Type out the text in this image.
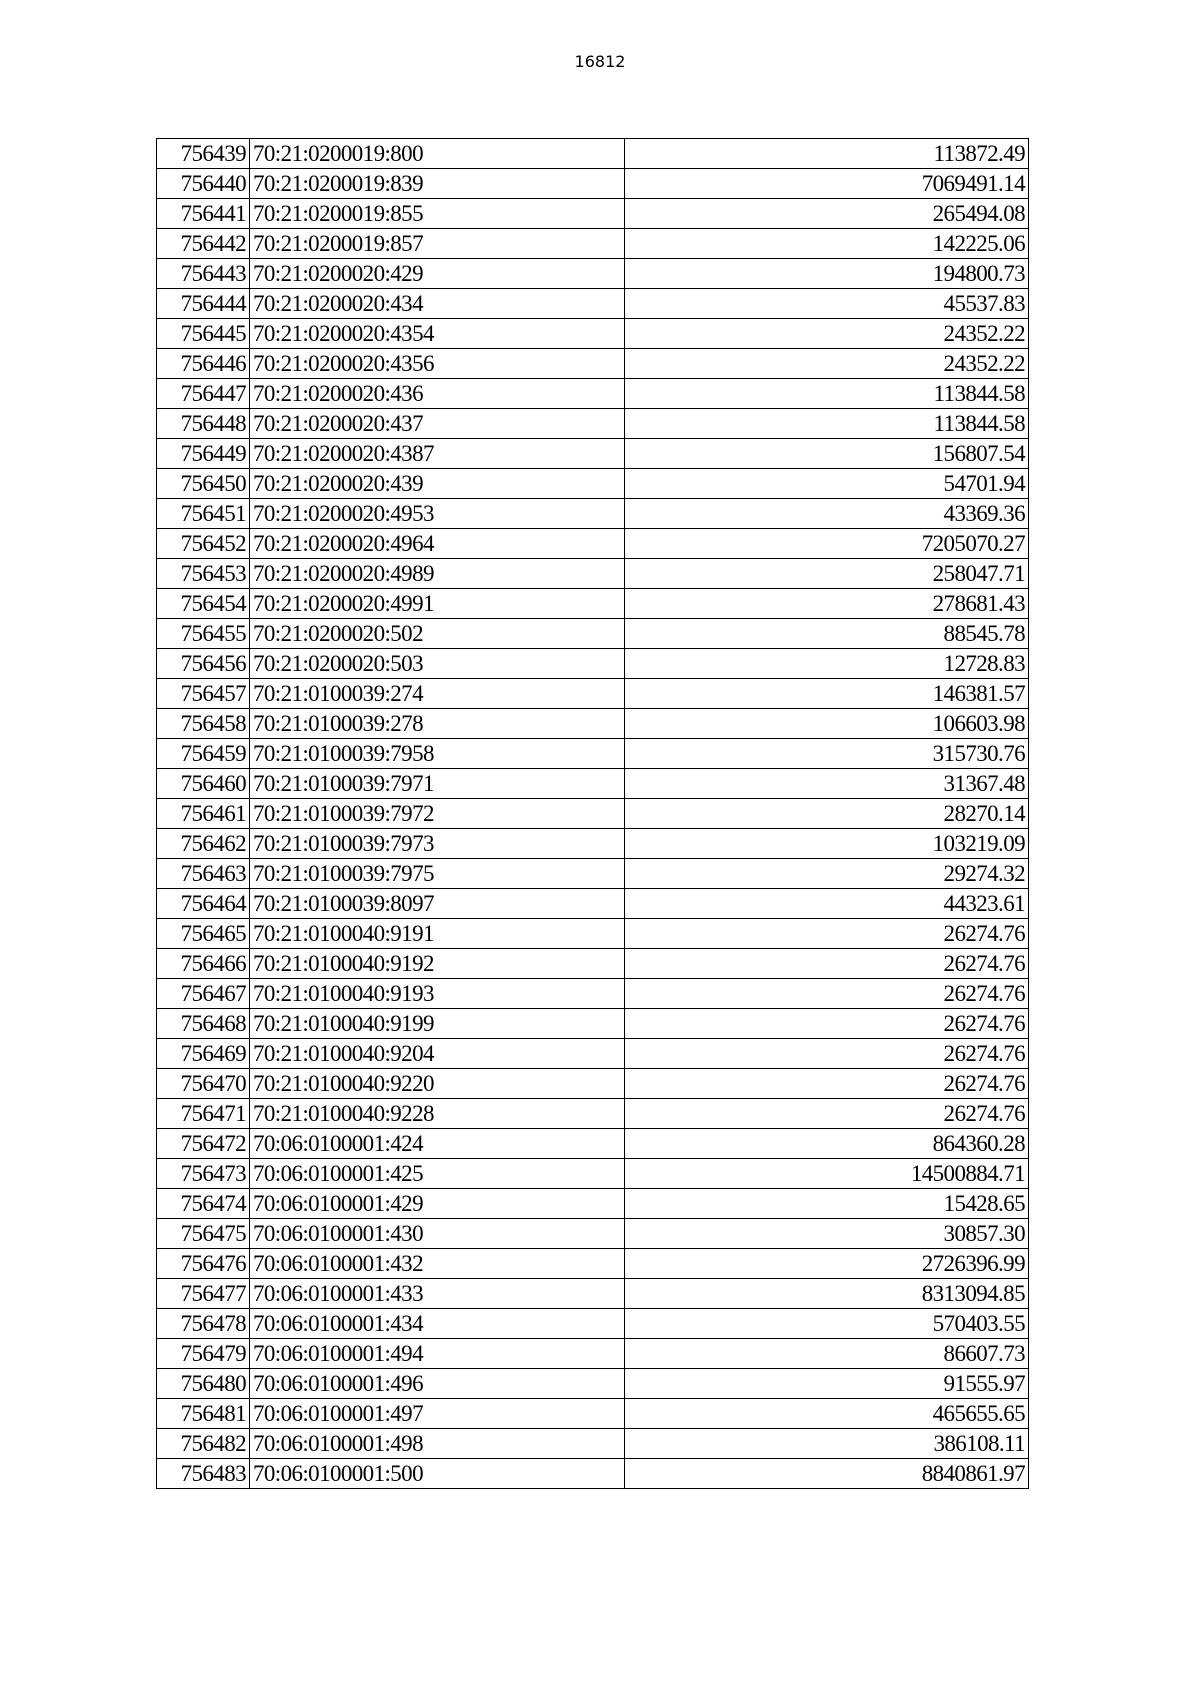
16812
756439	70:21:0200019:800	113872.49
756440	70:21:0200019:839	7069491.14
756441	70:21:0200019:855	265494.08
756442	70:21:0200019:857	142225.06
756443	70:21:0200020:429	194800.73
756444	70:21:0200020:434	45537.83
756445	70:21:0200020:4354	24352.22
756446	70:21:0200020:4356	24352.22
756447	70:21:0200020:436	113844.58
756448	70:21:0200020:437	113844.58
756449	70:21:0200020:4387	156807.54
756450	70:21:0200020:439	54701.94
756451	70:21:0200020:4953	43369.36
756452	70:21:0200020:4964	7205070.27
756453	70:21:0200020:4989	258047.71
756454	70:21:0200020:4991	278681.43
756455	70:21:0200020:502	88545.78
756456	70:21:0200020:503	12728.83
756457	70:21:0100039:274	146381.57
756458	70:21:0100039:278	106603.98
756459	70:21:0100039:7958	315730.76
756460	70:21:0100039:7971	31367.48
756461	70:21:0100039:7972	28270.14
756462	70:21:0100039:7973	103219.09
756463	70:21:0100039:7975	29274.32
756464	70:21:0100039:8097	44323.61
756465	70:21:0100040:9191	26274.76
756466	70:21:0100040:9192	26274.76
756467	70:21:0100040:9193	26274.76
756468	70:21:0100040:9199	26274.76
756469	70:21:0100040:9204	26274.76
756470	70:21:0100040:9220	26274.76
756471	70:21:0100040:9228	26274.76
756472	70:06:0100001:424	864360.28
756473	70:06:0100001:425	14500884.71
756474	70:06:0100001:429	15428.65
756475	70:06:0100001:430	30857.30
756476	70:06:0100001:432	2726396.99
756477	70:06:0100001:433	8313094.85
756478	70:06:0100001:434	570403.55
756479	70:06:0100001:494	86607.73
756480	70:06:0100001:496	91555.97
756481	70:06:0100001:497	465655.65
756482	70:06:0100001:498	386108.11
756483	70:06:0100001:500	8840861.97
